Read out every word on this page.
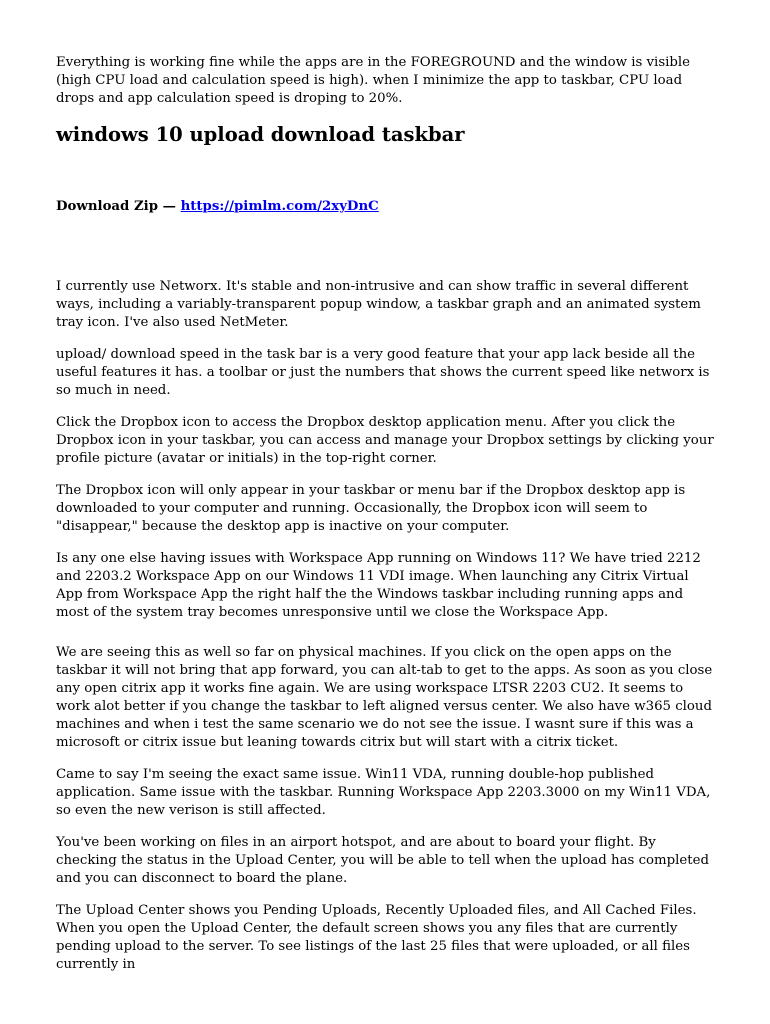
Everything is working fine while the apps are in the FOREGROUND and the window is visible (high CPU load and calculation speed is high). when I minimize the app to taskbar, CPU load drops and app calculation speed is droping to 20%.

windows 10 upload download taskbar

Download Zip — https://pimlm.com/2xyDnC

I currently use Networx. It's stable and non-intrusive and can show traffic in several different ways, including a variably-transparent popup window, a taskbar graph and an animated system tray icon. I've also used NetMeter.

upload/ download speed in the task bar is a very good feature that your app lack beside all the useful features it has. a toolbar or just the numbers that shows the current speed like networx is so much in need.

Click the Dropbox icon to access the Dropbox desktop application menu. After you click the Dropbox icon in your taskbar, you can access and manage your Dropbox settings by clicking your profile picture (avatar or initials) in the top-right corner.

The Dropbox icon will only appear in your taskbar or menu bar if the Dropbox desktop app is downloaded to your computer and running. Occasionally, the Dropbox icon will seem to "disappear," because the desktop app is inactive on your computer.

Is any one else having issues with Workspace App running on Windows 11? We have tried 2212 and 2203.2 Workspace App on our Windows 11 VDI image. When launching any Citrix Virtual App from Workspace App the right half the the Windows taskbar including running apps and most of the system tray becomes unresponsive until we close the Workspace App.

We are seeing this as well so far on physical machines. If you click on the open apps on the taskbar it will not bring that app forward, you can alt-tab to get to the apps. As soon as you close any open citrix app it works fine again. We are using workspace LTSR 2203 CU2. It seems to work alot better if you change the taskbar to left aligned versus center. We also have w365 cloud machines and when i test the same scenario we do not see the issue. I wasnt sure if this was a microsoft or citrix issue but leaning towards citrix but will start with a citrix ticket.

Came to say I'm seeing the exact same issue. Win11 VDA, running double-hop published application. Same issue with the taskbar. Running Workspace App 2203.3000 on my Win11 VDA, so even the new verison is still affected.

You've been working on files in an airport hotspot, and are about to board your flight. By checking the status in the Upload Center, you will be able to tell when the upload has completed and you can disconnect to board the plane.

The Upload Center shows you Pending Uploads, Recently Uploaded files, and All Cached Files. When you open the Upload Center, the default screen shows you any files that are currently pending upload to the server. To see listings of the last 25 files that were uploaded, or all files currently in
